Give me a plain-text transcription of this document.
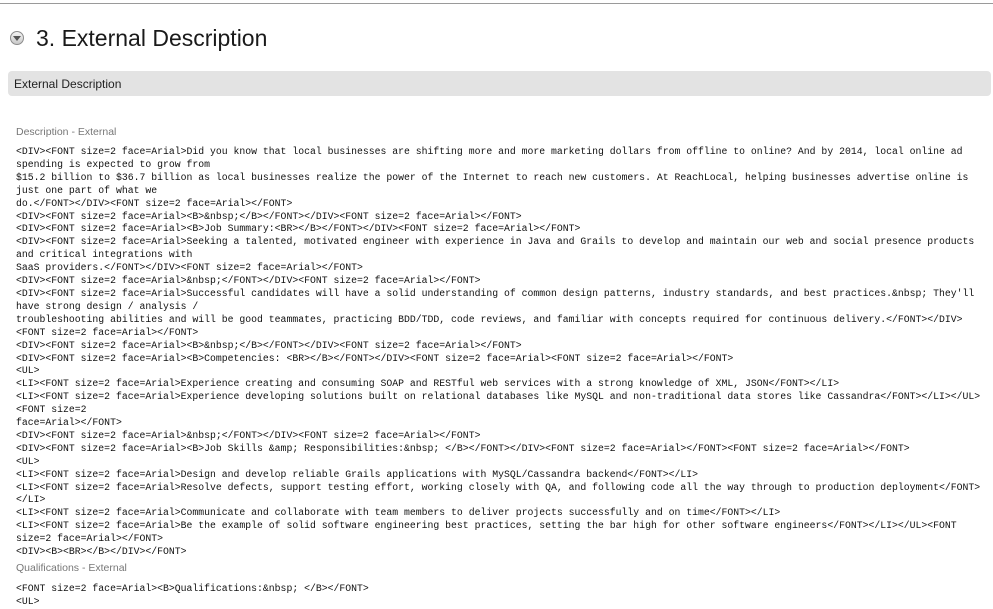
3. External Description
External Description
Description - External
<DIV><FONT size=2 face=Arial>Did you know that local businesses are shifting more and more marketing dollars from offline to online? And by 2014, local online ad spending is expected to grow from
$15.2 billion to $36.7 billion as local businesses realize the power of the Internet to reach new customers. At ReachLocal, helping businesses advertise online is just one part of what we
do.</FONT></DIV><FONT size=2 face=Arial></FONT>
<DIV><FONT size=2 face=Arial><B>&nbsp;</B></FONT></DIV><FONT size=2 face=Arial></FONT>
<DIV><FONT size=2 face=Arial><B>Job Summary:<BR></B></FONT></DIV><FONT size=2 face=Arial></FONT>
<DIV><FONT size=2 face=Arial>Seeking a talented, motivated engineer with experience in Java and Grails to develop and maintain our web and social presence products and critical integrations with
SaaS providers.</FONT></DIV><FONT size=2 face=Arial></FONT>
<DIV><FONT size=2 face=Arial>&nbsp;</FONT></DIV><FONT size=2 face=Arial></FONT>
<DIV><FONT size=2 face=Arial>Successful candidates will have a solid understanding of common design patterns, industry standards, and best practices.&nbsp; They'll have strong design / analysis /
troubleshooting abilities and will be good teammates, practicing BDD/TDD, code reviews, and familiar with concepts required for continuous delivery.</FONT></DIV><FONT size=2 face=Arial></FONT>
<DIV><FONT size=2 face=Arial><B>&nbsp;</B></FONT></DIV><FONT size=2 face=Arial></FONT>
<DIV><FONT size=2 face=Arial><B>Competencies: <BR></B></FONT></DIV><FONT size=2 face=Arial><FONT size=2 face=Arial></FONT>
<UL>
<LI><FONT size=2 face=Arial>Experience creating and consuming SOAP and RESTful web services with a strong knowledge of XML, JSON</FONT></LI>
<LI><FONT size=2 face=Arial>Experience developing solutions built on relational databases like MySQL and non-traditional data stores like Cassandra</FONT></LI></UL><FONT size=2
face=Arial></FONT>
<DIV><FONT size=2 face=Arial>&nbsp;</FONT></DIV><FONT size=2 face=Arial></FONT>
<DIV><FONT size=2 face=Arial><B>Job Skills &amp; Responsibilities:&nbsp; </B></FONT></DIV><FONT size=2 face=Arial></FONT><FONT size=2 face=Arial></FONT>
<UL>
<LI><FONT size=2 face=Arial>Design and develop reliable Grails applications with MySQL/Cassandra backend</FONT></LI>
<LI><FONT size=2 face=Arial>Resolve defects, support testing effort, working closely with QA, and following code all the way through to production deployment</FONT></LI>
<LI><FONT size=2 face=Arial>Communicate and collaborate with team members to deliver projects successfully and on time</FONT></LI>
<LI><FONT size=2 face=Arial>Be the example of solid software engineering best practices, setting the bar high for other software engineers</FONT></LI></UL><FONT size=2 face=Arial></FONT>
<DIV><B><BR></B></DIV></FONT>
Qualifications - External
<FONT size=2 face=Arial><B>Qualifications:&nbsp; </B></FONT>
<UL>
